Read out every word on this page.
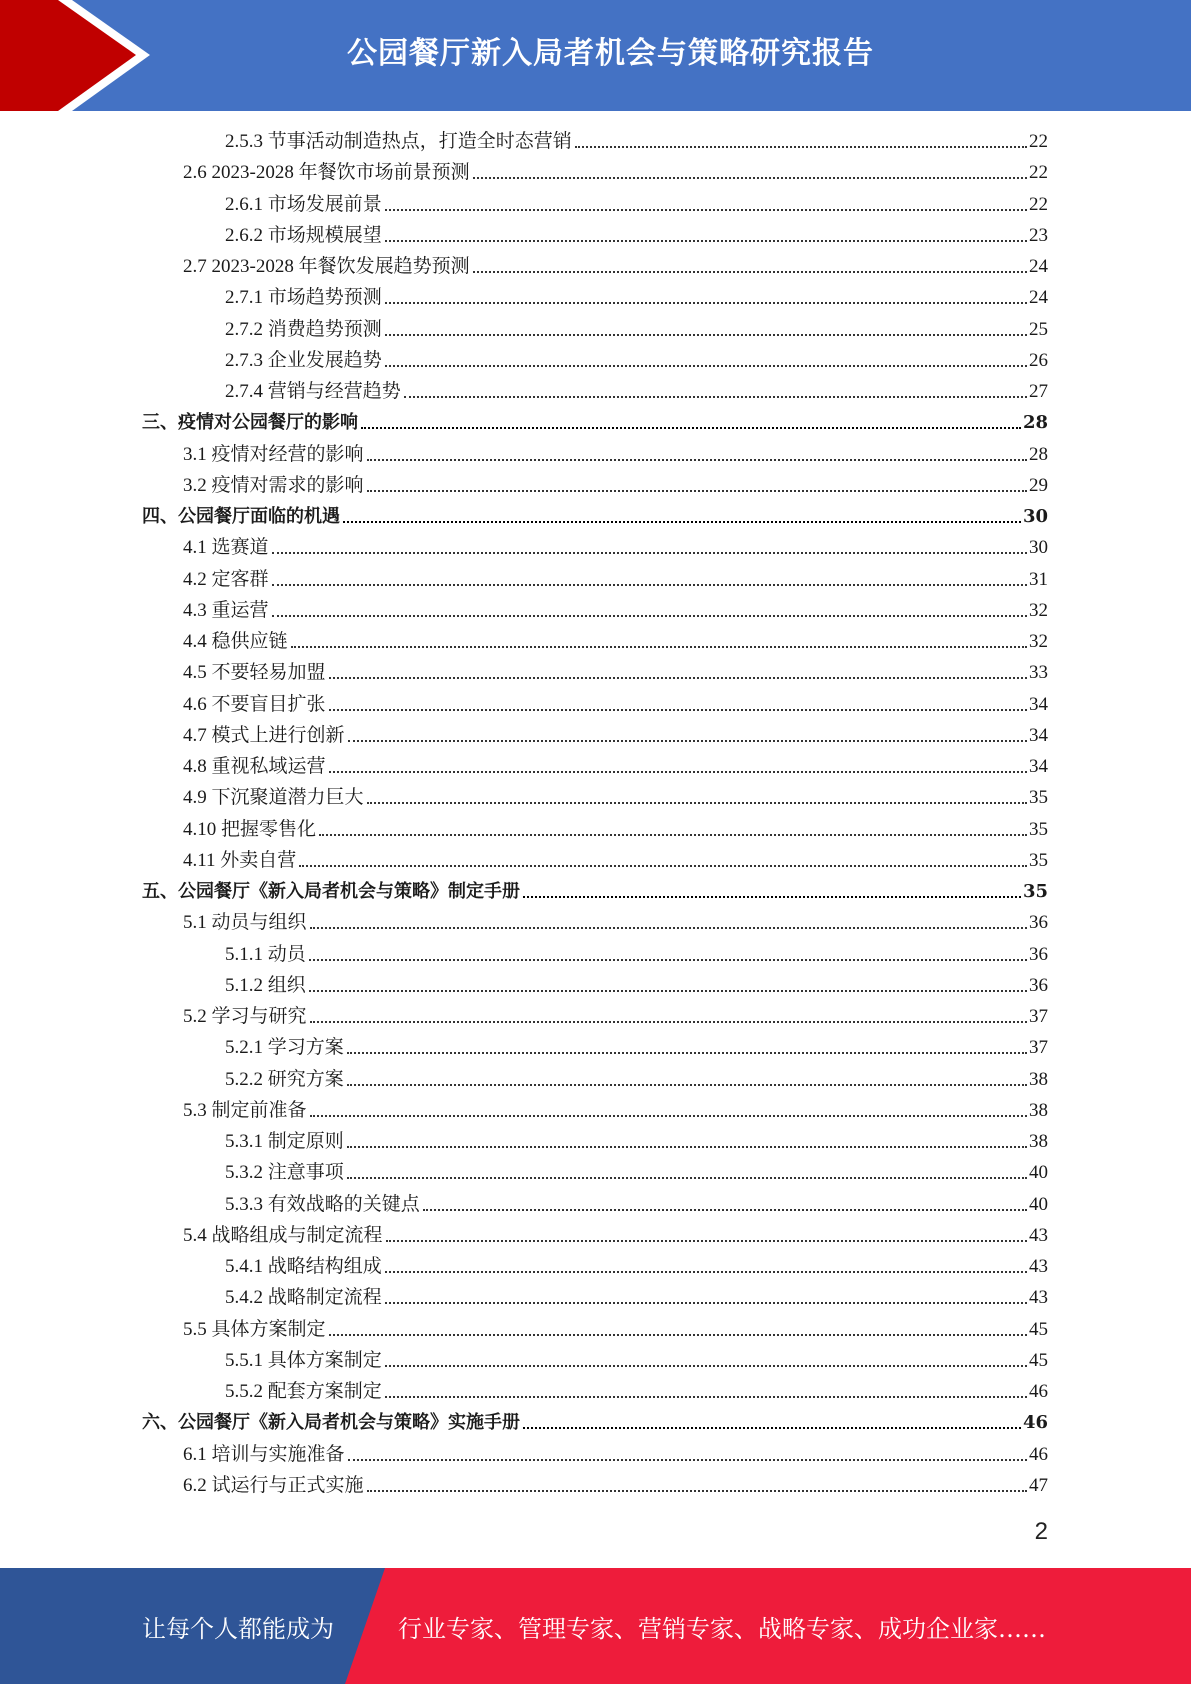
公园餐厅新入局者机会与策略研究报告
2.5.3 节事活动制造热点，打造全时态营销	22
2.6 2023-2028 年餐饮市场前景预测	22
2.6.1 市场发展前景	22
2.6.2 市场规模展望	23
2.7 2023-2028 年餐饮发展趋势预测	24
2.7.1 市场趋势预测	24
2.7.2 消费趋势预测	25
2.7.3 企业发展趋势	26
2.7.4 营销与经营趋势	27
三、疫情对公园餐厅的影响	28
3.1 疫情对经营的影响	28
3.2 疫情对需求的影响	29
四、公园餐厅面临的机遇	30
4.1 选赛道	30
4.2 定客群	31
4.3 重运营	32
4.4 稳供应链	32
4.5 不要轻易加盟	33
4.6 不要盲目扩张	34
4.7 模式上进行创新	34
4.8 重视私域运营	34
4.9 下沉聚道潜力巨大	35
4.10 把握零售化	35
4.11 外卖自营	35
五、公园餐厅《新入局者机会与策略》制定手册	35
5.1 动员与组织	36
5.1.1 动员	36
5.1.2 组织	36
5.2 学习与研究	37
5.2.1 学习方案	37
5.2.2 研究方案	38
5.3 制定前准备	38
5.3.1 制定原则	38
5.3.2 注意事项	40
5.3.3 有效战略的关键点	40
5.4 战略组成与制定流程	43
5.4.1 战略结构组成	43
5.4.2 战略制定流程	43
5.5 具体方案制定	45
5.5.1 具体方案制定	45
5.5.2 配套方案制定	46
六、公园餐厅《新入局者机会与策略》实施手册	46
6.1 培训与实施准备	46
6.2 试运行与正式实施	47
2
让每个人都能成为	行业专家、管理专家、营销专家、战略专家、成功企业家……
